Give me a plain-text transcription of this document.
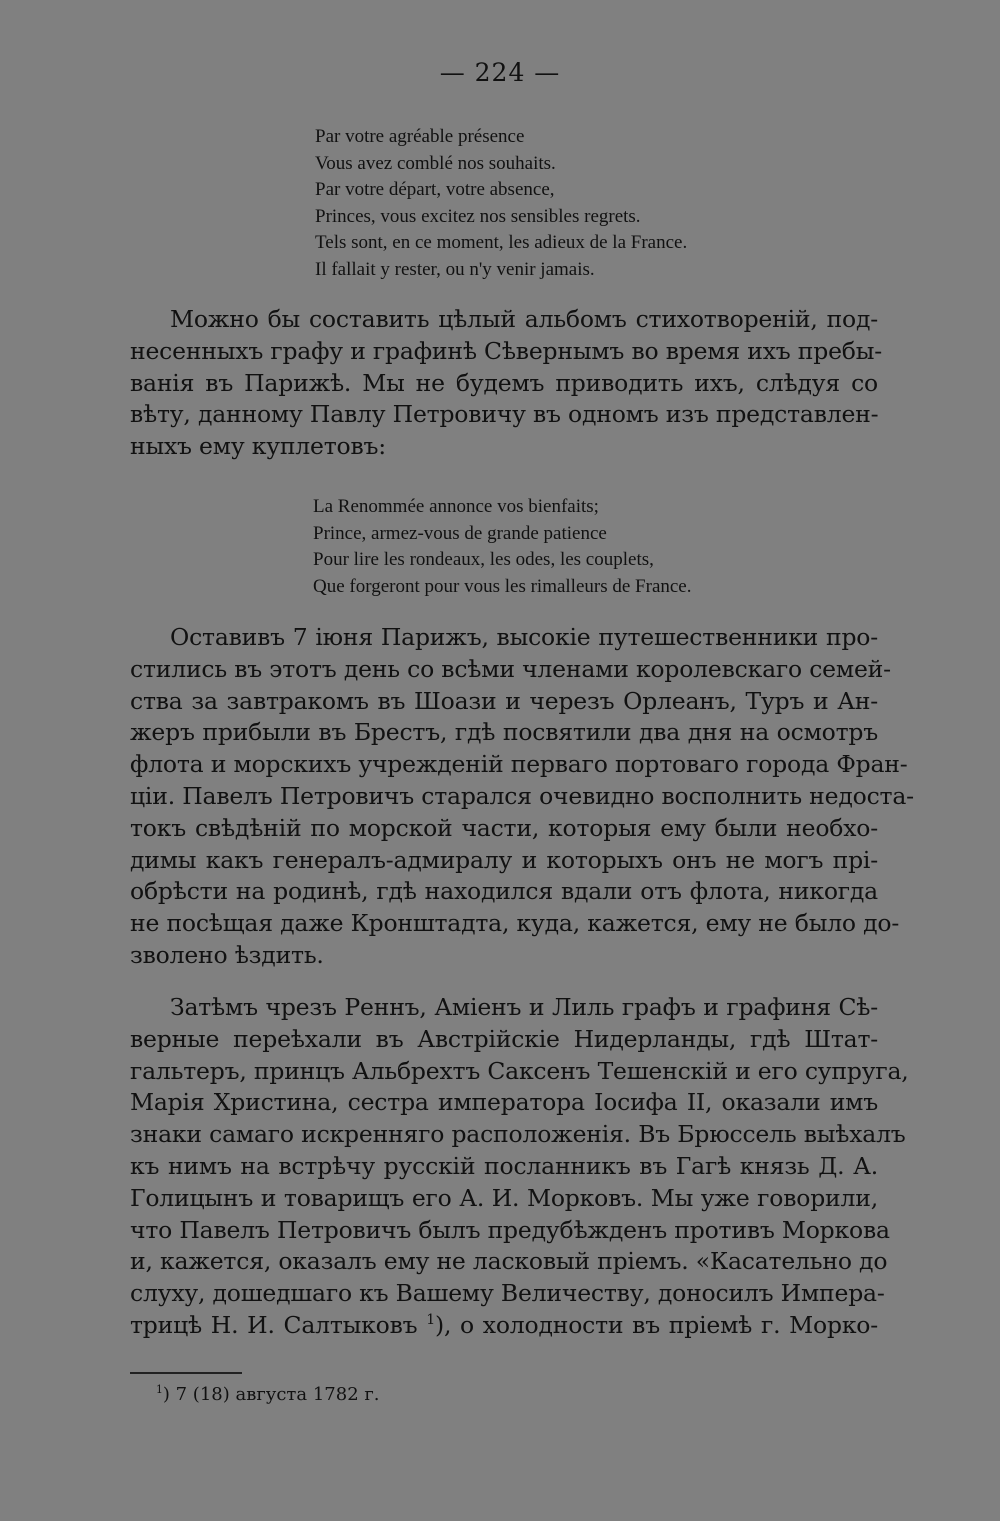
— 224 —
Par votre agréable présence
Vous avez comblé nos souhaits.
Par votre départ, votre absence,
Princes, vous excitez nos sensibles regrets.
Tels sont, en ce moment, les adieux de la France.
Il fallait y rester, ou n'y venir jamais.
Можно бы составить цѣлый альбомъ стихотвореній, под-
несенныхъ графу и графинѣ Сѣвернымъ во время ихъ пребы-
ванія въ Парижѣ. Мы не будемъ приводить ихъ, слѣдуя со
вѣту, данному Павлу Петровичу въ одномъ изъ представлен-
ныхъ ему куплетовъ:
La Renommée annonce vos bienfaits;
Prince, armez-vous de grande patience
Pour lire les rondeaux, les odes, les couplets,
Que forgeront pour vous les rimalleurs de France.
Оставивъ 7 іюня Парижъ, высокіе путешественники про-
стились въ этотъ день со всѣми членами королевскаго семей-
ства за завтракомъ въ Шоази и черезъ Орлеанъ, Туръ и Ан-
жеръ прибыли въ Брестъ, гдѣ посвятили два дня на осмотръ
флота и морскихъ учрежденій перваго портоваго города Фран-
ціи. Павелъ Петровичъ старался очевидно восполнить недоста-
токъ свѣдѣній по морской части, которыя ему были необхо-
димы какъ генералъ-адмиралу и которыхъ онъ не могъ прі-
обрѣсти на родинѣ, гдѣ находился вдали отъ флота, никогда
не посѣщая даже Кронштадта, куда, кажется, ему не было до-
зволено ѣздить.
Затѣмъ чрезъ Реннъ, Аміенъ и Лиль графъ и графиня Сѣ-
верные переѣхали въ Австрійскіе Нидерланды, гдѣ Штат-
гальтеръ, принцъ Альбрехтъ Саксенъ Тешенскій и его супруга,
Марія Христина, сестра императора Іосифа II, оказали имъ
знаки самаго искренняго расположенія. Въ Брюссель выѣхалъ
къ нимъ на встрѣчу русскій посланникъ въ Гагѣ князь Д. А.
Голицынъ и товарищъ его А. И. Морковъ. Мы уже говорили,
что Павелъ Петровичъ былъ предубѣжденъ противъ Моркова
и, кажется, оказалъ ему не ласковый пріемъ. «Касательно до
слуху, дошедшаго къ Вашему Величеству, доносилъ Импера-
трицѣ Н. И. Салтыковъ $^1$), о холодности въ пріемѣ г. Морко-
$^1$) 7 (18) августа 1782 г.
